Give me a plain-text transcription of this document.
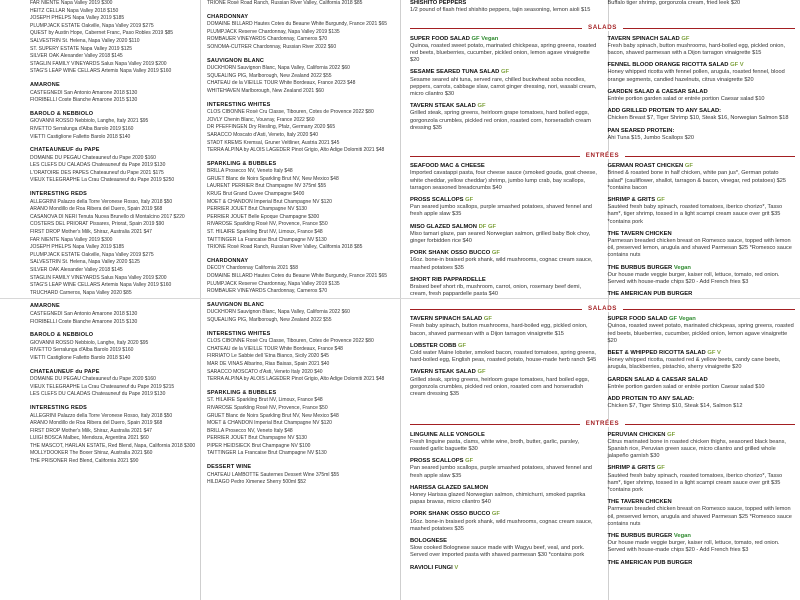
FAR NIENTE Napa Valley 2019 $300
HEITZ CELLAR Napa Valley 2018 $150
JOSEPH PHELPS Napa Valley 2019 $185
PLUMPJACK ESTATE Oakville, Napa Valley 2019 $275
QUEST by Austin Hope, Cabernet Franc, Paso Robles 2019 $85
SALVESTRIN St. Helena, Napa Valley 2020 $110
ST. SUPERY ESTATE Napa Valley 2019 $125
SILVER OAK Alexander Valley 2018 $145
STAGLIN FAMILY VINEYARDS Salus Napa Valley 2019 $200
STAG'S LEAP WINE CELLARS Artemis Napa Valley 2019 $160
AMARONE
CASTEGNEDI San Antonio Amarone 2018 $130
FIORIBELLI Coste Bianche Amarone 2015 $130
BAROLO & NEBBIOLO
GIOVANNI ROSSO Nebbiolo, Langhe, Italy 2021 $95
RIVETTO Serralunga d'Alba Barolo 2019 $160
VIETTI Castiglione Falletto Barolo 2018 $140
CHATEAUNEUF du PAPE
DOMAINE DU PEGAU Chateauneuf du Pape 2020 $160
LES CLEFS DU CALADAS Chateauneuf du Pape 2019 $130
L'ORATOIRE DES PAPES Chateauneuf du Pape 2021 $175
VIEUX TELEGRAPHE La Crau Chateauneuf du Pape 2019 $250
INTERESTING REDS
ALLEGRINI Palazzo della Torre Veronese Rosso, Italy 2018 $50
ARANO Mondillo de Roa Ribera del Duero, Spain 2019 $68
CASANOVA DI NERI Tenuta Nuova Brunello di Montalcino 2017 $220
COSTERS DEL PRIORAT Pissares, Priorat, Spain 2019 $90
FIRST DROP Mother's Milk, Shiraz, Australia 2021 $47
FAR NIENTE Napa Valley 2019 $300
JOSEPH PHELPS Napa Valley 2019 $185
PLUMPJACK ESTATE Oakville, Napa Valley 2019 $275
SALVESTRIN St. Helena, Napa Valley 2020 $125
SILVER OAK Alexander Valley 2018 $145
STAGLIN FAMILY VINEYARDS Salus Napa Valley 2019 $200
STAG'S LEAP WINE CELLARS Artemis Napa Valley 2019 $160
TRUCHARD Carneros, Napa Valley 2020 $85
AMARONE
CASTEGNEDI San Antonio Amarone 2018 $130
FIORIBELLI Coste Bianche Amarone 2015 $130
BAROLO & NEBBIOLO
GIOVANNI ROSSO Nebbiolo, Langhe, Italy 2020 $95
RIVETTO Serralunga d'Alba Barolo 2019 $160
VIETTI Castiglione Falletto Barolo 2018 $140
CHATEAUNEUF du PAPE
DOMAINE DU PEGAU Chateauneuf du Pape 2020 $160
VIEUX TELEGRAPHE La Crau Chateauneuf du Pape 2019 $215
LES CLEFS DU CALADAS Chateauneuf du Pape 2019 $130
INTERESTING REDS
ALLEGRINI Palazzo della Torre Veronese Rosso, Italy 2018 $50
ARANO Mondillo de Roa Ribera del Duero, Spain 2019 $68
FIRST DROP Mother's Milk, Shiraz, Australia 2021 $47
LUIGI BOSCA Malbec, Mendoza, Argentina 2021 $60
THE MASCOT, HARLAN ESTATE, Red Blend, Napa, California 2018 $300
MOLLYDOOKER The Boxer Shiraz, Australia 2021 $60
THE PRISONER Red Blend, California 2021 $90
TRIONE Rosé Road Ranch, Russian River Valley, California 2018 $85
CHARDONNAY
DOMAINE BILLARD Hautes Cotes du Beaune White Burgundy, France 2021 $65
PLUMPJACK Reserve Chardonnay, Napa Valley 2019 $135
ROMBAUER VINEYARDS Chardonnay, Carneros $70
SONOMA-CUTRER Chardonnay, Russian River 2022 $60
SAUVIGNON BLANC
DUCKHORN Sauvignon Blanc, Napa Valley, California 2022 $60
SQUEALING PIG, Marlborough, New Zealand 2022 $55
CHATEAU de la VIEILLE TOUR White Bordeaux, France 2023 $48
WHITEHAVEN Marlborough, New Zealand 2021 $60
INTERESTING WHITES
CLOS CIBONNE Rosé Cru Classe, Tibouren, Cotes de Provence 2022 $80
JOVLY Chenin Blanc, Vouvray, France 2022 $60
DR PFEFFINGEN Dry Riesling, Pfalz, Germany 2020 $65
SARACCO Moscato d'Asti, Veneto, Italy 2020 $40
STADT KREMS Kremsal, Gruner Veltliner, Austria 2021 $45
TERRA ALPINA by ALOIS LAGEDER Pinot Grigio, Alto Adige Dolomiti 2021 $48
SPARKLING & BUBBLES
BRILLA Prosecco NV, Veneto Italy $48
GRUET Blanc de Noirs Sparkling Brut NV, New Mexico $48
LAURENT PERRIER Brut Champagne NV 375ml $55
KRUG Brut Grand Cuvee Champagne $400
MOET & CHANDON Imperial Brut Champagne NV $120
PERRIER JOUET Brut Champagne NV $130
PERRIER JOUET Belle Epoque Champagne $300
RIVAROSE Sparkling Rosé NV, Provence, France $50
ST. HILAIRE Sparkling Brut NV, Limoux, France $48
TAITTINGER La Francaise Brut Champagne NV $130
TRIONE Rosé Road Ranch, Russian River Valley, California 2018 $85
CHARDONNAY
DECOY Chardonnay California 2021 $58
DOMAINE BILLARD Hautes Cotes du Beaune White Burgundy, France 2021 $65
PLUMPJACK Reserve Chardonnay, Napa Valley 2019 $135
ROMBAUER VINEYARDS Chardonnay, Carneros $70
SAUVIGNON BLANC
DUCKHORN Sauvignon Blanc, Napa Valley, California 2022 $60
SQUEALING PIG, Marlborough, New Zealand 2022 $55
INTERESTING WHITES
CLOS CIBONNE Rosé Cru Classe, Tibouren, Cotes de Provence 2022 $80
CHATEAU de la VIEILLE TOUR White Bordeaux, France $48
FIRRIATO Le Sabbie dell 'Etna Bianco, Sicily 2020 $45
MAR DE VINAS Albarino, Rias Baixas, Spain 2021 $40
SARACCO MOSCATO d'Asti, Veneto Italy 2020 $40
TERRA ALPINA by ALOIS LAGEDER Pinot Grigio, Alto Adige Dolomiti 2021 $48
SPARKLING & BUBBLES
ST. HILAIRE Sparkling Brut NV, Limoux, France $48
RIVAROSE Sparkling Rosé NV, Provence, France $50
GRUET Blanc de Noirs Sparkling Brut NV, New Mexico $48
MOET & CHANDON Imperial Brut Champagne NV $120
BRILLA Prosecco NV, Veneto Italy $48
PERRIER JOUET Brut Champagne NV $130
PIPER HEIDSIECK Brut Champagne NV $100
TAITTINGER La Francaise Brut Champagne NV $130
DESSERT WINE
CHATEAU LAMBOTTE Sauternes Dessert Wine 375ml $55
HILDAGO Pedro Ximenez Sherry 500ml $52
SHISHITO PEPPERS
1/2 pound of flash fried shishito peppers, tajin seasoning, lemon aioli $15
Buffalo tiger shrimp, gorgonzola cream, fried leek $20
SALADS
SUPER FOOD SALAD GF Vegan
Quinoa, roasted sweet potato, marinated chickpeas, spring greens, roasted red beets, blueberries, cucumber, pickled onion, lemon agave vinaigrette $20
SESAME SEARED TUNA SALAD GF
Sesame seared ahi tuna, served rare, chilled buckwheat soba noodles, peppers, carrots, cabbage slaw, carrot ginger dressing, nori, wasabi cream, micro cilantro $30
TAVERN STEAK SALAD GF
Grilled steak, spring greens, heirloom grape tomatoes, hard boiled eggs, gorgonzola crumbles, pickled red onion, roasted corn, horseradish cream dressing $35
TAVERN SPINACH SALAD GF
Fresh baby spinach, button mushrooms, hard-boiled egg, pickled onion, bacon, shaved parmesan with a Dijon tarragon vinaigrette $15
FENNEL BLOOD ORANGE RICOTTA SALAD GF V
Honey whipped ricotta with fennel pollen, arugula, roasted fennel, blood orange segments, candied hazelnuts, citrus vinaigrette $20
GARDEN SALAD & CAESAR SALAD
Entrée portion garden salad or entrée portion Caesar salad $10
ADD GRILLED PROTEIN TO ANY SALAD:
Chicken Breast $7, Tiger Shrimp $10, Steak $16, Norwegian Salmon $18
PAN SEARED PROTEIN:
Ahi Tuna $15, Jumbo Scallops $20
ENTRÉES
SEAFOOD MAC & CHEESE
Imported cavatappi pasta, four cheese sauce (smoked gouda, goat cheese, white cheddar, yellow cheddar) shrimp, jumbo lump crab, bay scallops, tarragon seasoned breadcrumbs $40
PROSS SCALLOPS GF
Pan seared jumbo scallops, purple smashed potatoes, shaved fennel and fresh apple slaw $35
MISO GLAZED SALMON DF GF
Miso tamari glaze, pan seared Norwegian salmon, grilled baby Bok choy, ginger forbidden rice $40
PORK SHANK OSSO BUCCO GF
16oz. bone-in braised pork shank, wild mushrooms, cognac cream sauce, mashed potatoes $35
SHORT RIB PAPPARDELLE
Braised beef short rib, mushroom, carrot, onion, rosemary beef demi, cream, fresh pappardelle pasta $40
GERMAN ROAST CHICKEN GF
Brined & roasted bone in half chicken, white pan jus*, German potato salad* (cauliflower, shallot, tarragon & bacon, vinegar, red potatoes) $25 *contains bacon
SHRIMP & GRITS GF
Sautéed fresh baby spinach, roasted tomatoes, iberico chorizo*, Tasso ham*, tiger shrimp, tossed in a light scampi cream sauce over grit $35 *contains pork
THE TAVERN CHICKEN
Parmesan breaded chicken breast on Romesco sauce, topped with lemon oil, preserved lemon, arugula and shaved Parmesan $25 *Romesco sauce contains nuts
THE BURBUS BURGER Vegan
Our house made veggie burger, kaiser roll, lettuce, tomato, red onion. Served with house-made chips $20 - Add French fries $3
THE AMERICAN PUB BURGER
SALADS
TAVERN SPINACH SALAD GF
Fresh baby spinach, button mushrooms, hard-boiled egg, pickled onion, bacon, shaved parmesan with a Dijon tarragon vinaigrette $15
LOBSTER COBB GF
Cold water Maine lobster, smoked bacon, roasted tomatoes, spring greens, hard-boiled egg, English peas, roasted potato, house-made herb ranch $45
TAVERN STEAK SALAD GF
Grilled steak, spring greens, heirloom grape tomatoes, hard boiled eggs, gorgonzola crumbles, pickled red onion, roasted corn and horseradish cream dressing $35
SUPER FOOD SALAD GF Vegan
Quinoa, roasted sweet potato, marinated chickpeas, spring greens, roasted red beets, blueberries, cucumber, pickled onion, lemon agave vinaigrette $20
BEET & WHIPPED RICOTTA SALAD GF V
Honey whipped ricotta, roasted red & yellow beets, candy cane beets, arugula, blackberries, pistachio, sherry vinaigrette $20
GARDEN SALAD & CAESAR SALAD
Entrée portion garden salad or entrée portion Caesar salad $10
ADD PROTEIN TO ANY SALAD:
Chicken $7, Tiger Shrimp $10, Steak $14, Salmon $12
ENTRÉES
LINGUINE ALLE VONGOLE
Fresh linguine pasta, clams, white wine, broth, butter, garlic, parsley, roasted garlic baguette $30
PROSS SCALLOPS GF
Pan seared jumbo scallops, purple smashed potatoes, shaved fennel and fresh apple slaw $35
HARISSA GLAZED SALMON
Honey Harissa glazed Norwegian salmon, chimichurri, smoked paprika papas bravas, micro cilantro $40
PORK SHANK OSSO BUCCO GF
16oz. bone-in braised pork shank, wild mushrooms, cognac cream sauce, mashed potatoes $35
BOLOGNESE
Slow cooked Bolognese sauce made with Wagyu beef, veal, and pork. Served over imported pasta with shaved parmesan $30 *contains pork
RAVIOLI FUNGI V
PERUVIAN CHICKEN GF
Citrus marinated bone in roasted chicken thighs, seasoned black beans, Spanish rice, Peruvian green sauce, micro cilantro and grilled whole jalapeño garnish $30
SHRIMP & GRITS GF
Sautéed fresh baby spinach, roasted tomatoes, iberico chorizo*, Tasso ham*, tiger shrimp, tossed in a light scampi cream sauce over grit $35 *contains pork
THE TAVERN CHICKEN
Parmesan breaded chicken breast on Romesco sauce, topped with lemon oil, preserved lemon, arugula and shaved Parmesan $25 *Romesco sauce contains nuts
THE BURBUS BURGER Vegan
Our house made veggie burger, kaiser roll, lettuce, tomato, red onion. Served with house-made chips $20 - Add French fries $3
THE AMERICAN PUB BURGER
